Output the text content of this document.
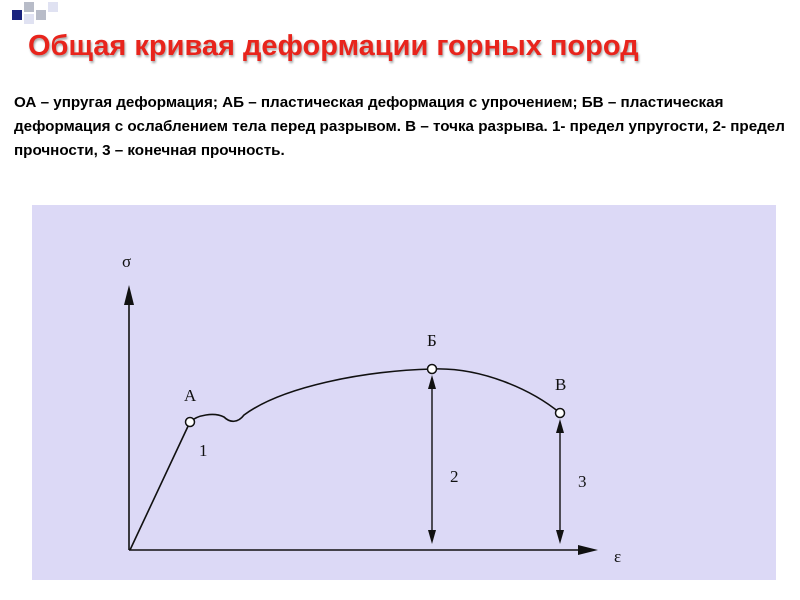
Общая кривая деформации горных пород
ОА – упругая деформация; АБ – пластическая деформация с упрочением; БВ – пластическая деформация с ослаблением тела перед разрывом. В – точка разрыва. 1- предел упругости, 2- предел прочности, 3 – конечная прочность.
σ
ε
А
Б
В
1
2	3
